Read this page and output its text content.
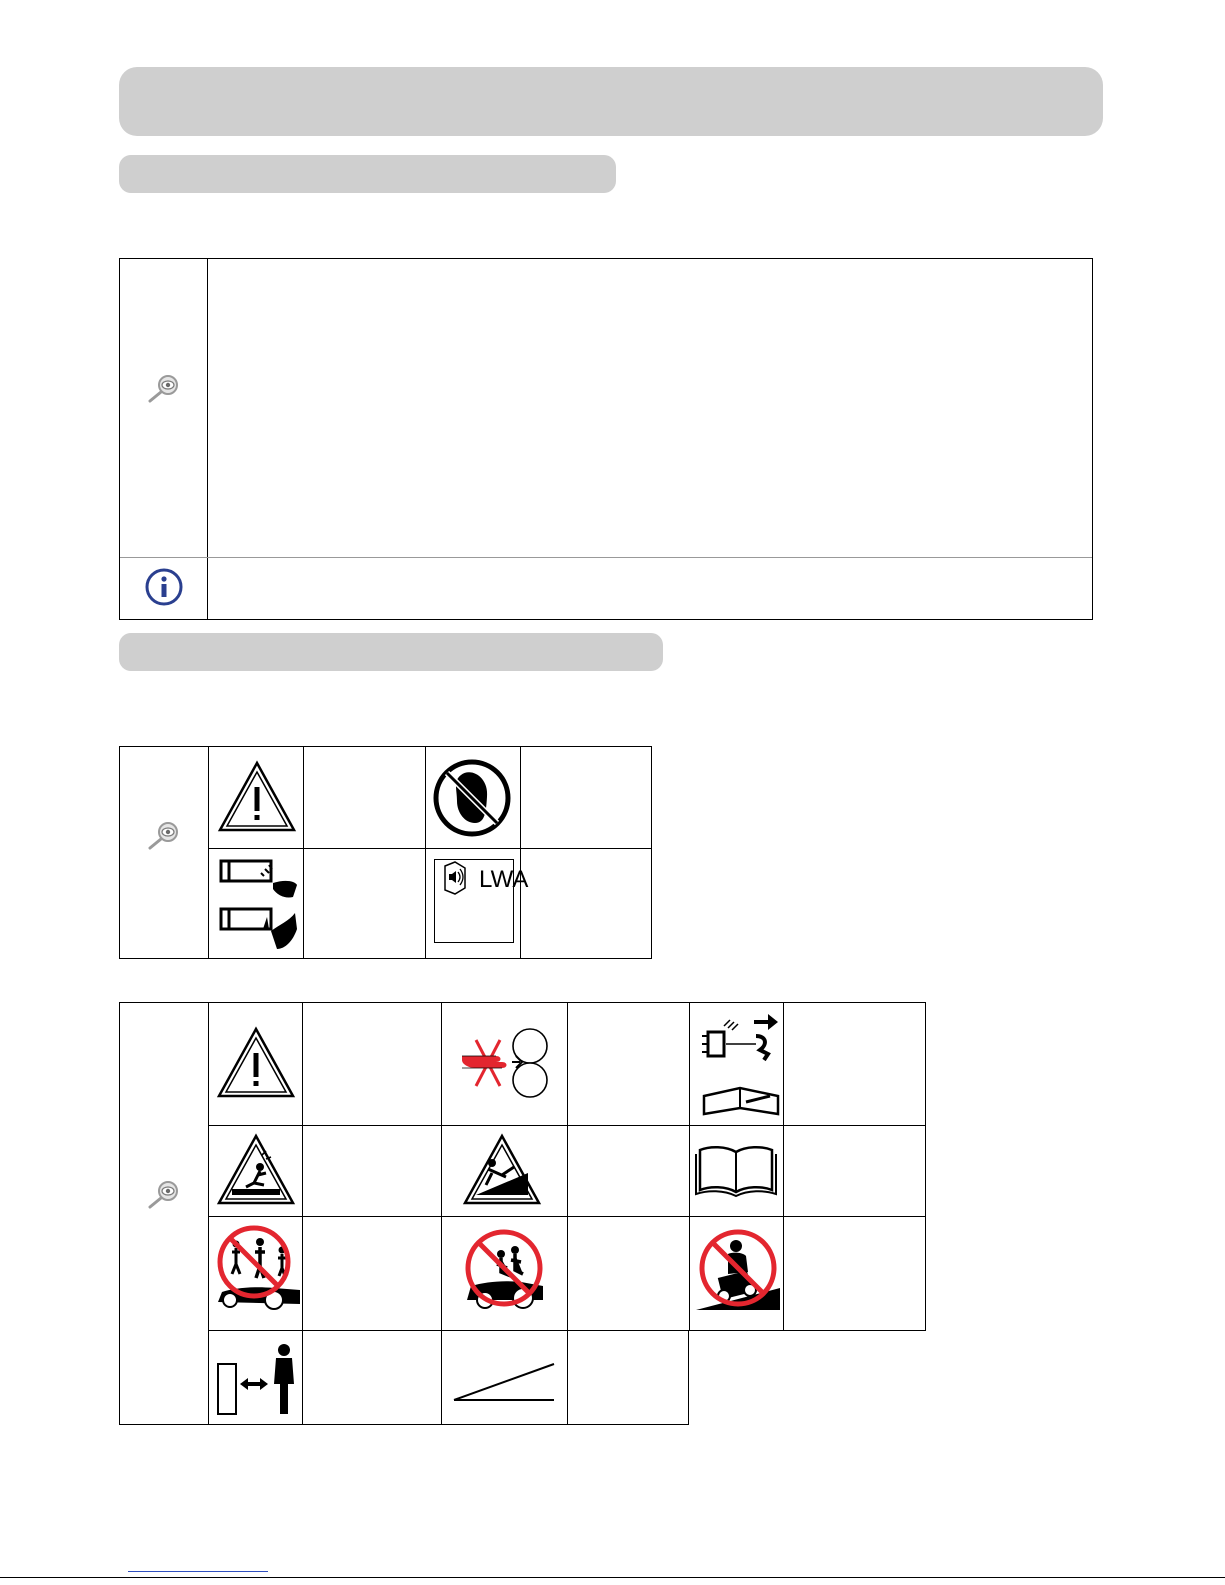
LWA
